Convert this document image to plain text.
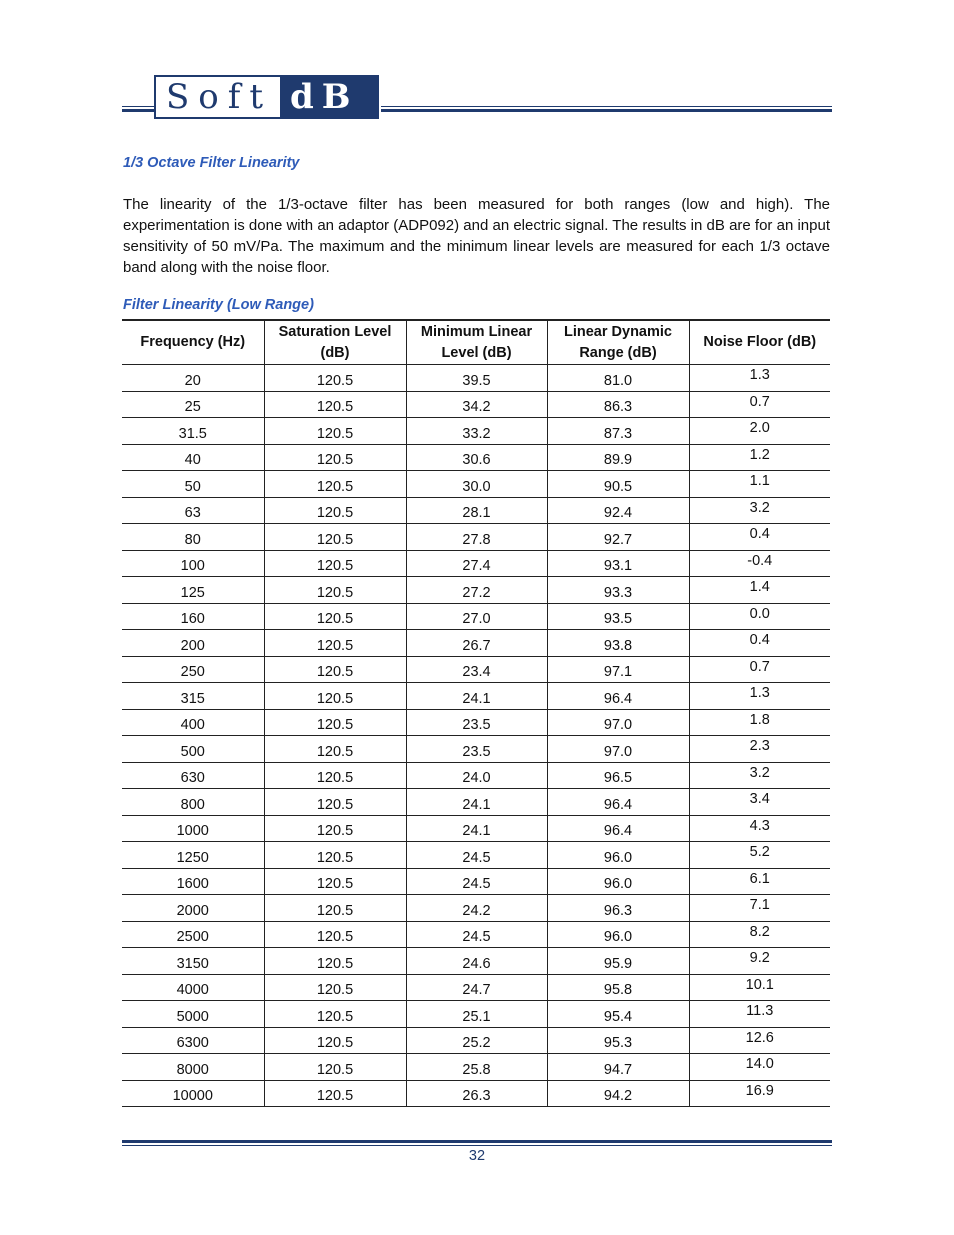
Soft dB
1/3 Octave Filter Linearity
The linearity of the 1/3-octave filter has been measured for both ranges (low and high). The experimentation is done with an adaptor (ADP092) and an electric signal. The results in dB are for an input sensitivity of 50 mV/Pa. The maximum and the minimum linear levels are measured for each 1/3 octave band along with the noise floor.
Filter Linearity (Low Range)
Frequency (Hz)	Saturation Level (dB)	Minimum Linear Level (dB)	Linear Dynamic Range (dB)	Noise Floor (dB)
20	120.5	39.5	81.0	1.3
25	120.5	34.2	86.3	0.7
31.5	120.5	33.2	87.3	2.0
40	120.5	30.6	89.9	1.2
50	120.5	30.0	90.5	1.1
63	120.5	28.1	92.4	3.2
80	120.5	27.8	92.7	0.4
100	120.5	27.4	93.1	-0.4
125	120.5	27.2	93.3	1.4
160	120.5	27.0	93.5	0.0
200	120.5	26.7	93.8	0.4
250	120.5	23.4	97.1	0.7
315	120.5	24.1	96.4	1.3
400	120.5	23.5	97.0	1.8
500	120.5	23.5	97.0	2.3
630	120.5	24.0	96.5	3.2
800	120.5	24.1	96.4	3.4
1000	120.5	24.1	96.4	4.3
1250	120.5	24.5	96.0	5.2
1600	120.5	24.5	96.0	6.1
2000	120.5	24.2	96.3	7.1
2500	120.5	24.5	96.0	8.2
3150	120.5	24.6	95.9	9.2
4000	120.5	24.7	95.8	10.1
5000	120.5	25.1	95.4	11.3
6300	120.5	25.2	95.3	12.6
8000	120.5	25.8	94.7	14.0
10000	120.5	26.3	94.2	16.9
32
